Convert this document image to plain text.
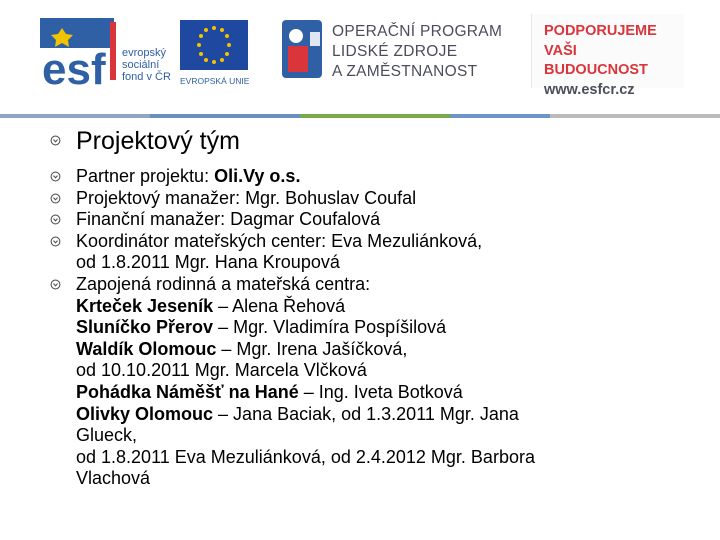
esf evropský
sociální
fond v ČR EVROPSKÁ UNIE
OPERAČNÍ PROGRAM
LIDSKÉ ZDROJE
A ZAMĚSTNANOST
PODPORUJEME
VAŠI BUDOUCNOST
www.esfcr.cz
Projektový tým
Partner projektu: Oli.Vy o.s.
Projektový manažer: Mgr. Bohuslav Coufal
Finanční manažer: Dagmar Coufalová
Koordinátor mateřských center: Eva Mezuliánková,
od 1.8.2011 Mgr. Hana Kroupová
Zapojená rodinná a mateřská centra:
Krteček Jeseník – Alena Řehová
Sluníčko Přerov – Mgr. Vladimíra Pospíšilová
Waldík Olomouc – Mgr. Irena Jašíčková,
od 10.10.2011 Mgr. Marcela Vlčková
Pohádka Náměšť na Hané – Ing. Iveta Botková
Olivky Olomouc – Jana Baciak, od 1.3.2011 Mgr. Jana
Glueck,
od 1.8.2011 Eva Mezuliánková, od 2.4.2012 Mgr. Barbora
Vlachová
